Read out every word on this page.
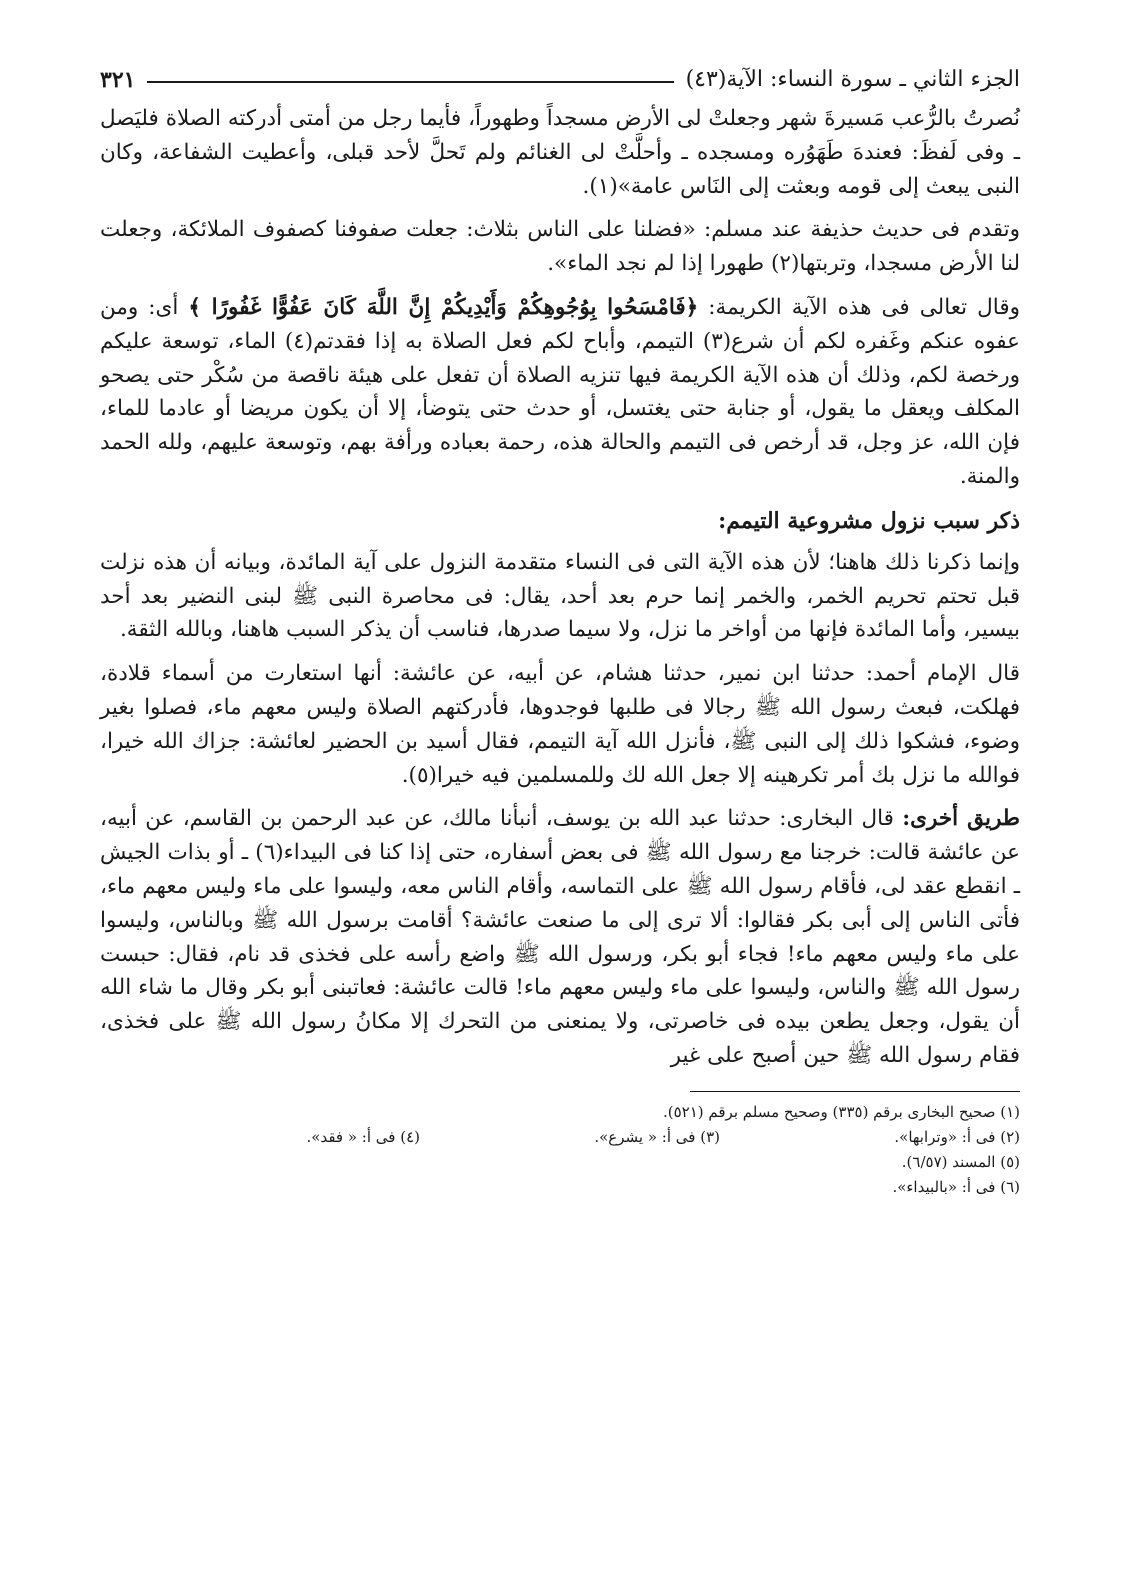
الجزء الثاني ـ سورة النساء: الآية(٤٣)
٣٢١

نُصرتُ بالرُّعب مَسيرةَ شهر وجعلتْ لى الأرض مسجداً وطهوراً، فأيما رجل من أمتى أدركته الصلاة فليَصل ـ وفى لَفظَ: فعندهَ طَهَوُره ومسجده ـ وأحلَّتْ لى الغنائم ولم تَحلَّ لأحد قبلى، وأعطيت الشفاعة، وكان النبى يبعث إلى قومه وبعثت إلى النَاس عامة»(١).

وتقدم فى حديث حذيفة عند مسلم: «فضلنا على الناس بثلاث: جعلت صفوفنا كصفوف الملائكة، وجعلت لنا الأرض مسجدا، وتربتها(٢) طهورا إذا لم نجد الماء».

وقال تعالى فى هذه الآية الكريمة: ﴿فَامْسَحُوا بِوُجُوهِكُمْ وَأَيْدِيكُمْ إِنَّ اللَّهَ كَانَ عَفُوًّا غَفُورًا ﴾ أى: ومن عفوه عنكم وغَفره لكم أن شرع(٣) التيمم، وأباح لكم فعل الصلاة به إذا فقدتم(٤) الماء، توسعة عليكم ورخصة لكم، وذلك أن هذه الآية الكريمة فيها تنزيه الصلاة أن تفعل على هيئة ناقصة من سُكْر حتى يصحو المكلف ويعقل ما يقول، أو جنابة حتى يغتسل، أو حدث حتى يتوضأ، إلا أن يكون مريضا أو عادما للماء، فإن الله، عز وجل، قد أرخص فى التيمم والحالة هذه، رحمة بعباده ورأفة بهم، وتوسعة عليهم، ولله الحمد والمنة.

ذكر سبب نزول مشروعية التيمم:

وإنما ذكرنا ذلك هاهنا؛ لأن هذه الآية التى فى النساء متقدمة النزول على آية المائدة، وبيانه أن هذه نزلت قبل تحتم تحريم الخمر، والخمر إنما حرم بعد أحد، يقال: فى محاصرة النبى ﷺ لبنى النضير بعد أحد بيسير، وأما المائدة فإنها من أواخر ما نزل، ولا سيما صدرها، فناسب أن يذكر السبب هاهنا، وبالله الثقة.

قال الإمام أحمد: حدثنا ابن نمير، حدثنا هشام، عن أبيه، عن عائشة: أنها استعارت من أسماء قلادة، فهلكت، فبعث رسول الله ﷺ رجالا فى طلبها فوجدوها، فأدركتهم الصلاة وليس معهم ماء، فصلوا بغير وضوء، فشكوا ذلك إلى النبى ﷺ، فأنزل الله آية التيمم، فقال أسيد بن الحضير لعائشة: جزاك الله خيرا، فوالله ما نزل بك أمر تكرهينه إلا جعل الله لك وللمسلمين فيه خيرا(٥).

طريق أخرى: قال البخارى: حدثنا عبد الله بن يوسف، أنبأنا مالك، عن عبد الرحمن بن القاسم، عن أبيه، عن عائشة قالت: خرجنا مع رسول الله ﷺ فى بعض أسفاره، حتى إذا كنا فى البيداء(٦) ـ أو بذات الجيش ـ انقطع عقد لى، فأقام رسول الله ﷺ على التماسه، وأقام الناس معه، وليسوا على ماء وليس معهم ماء، فأتى الناس إلى أبى بكر فقالوا: ألا ترى إلى ما صنعت عائشة؟ أقامت برسول الله ﷺ وبالناس، وليسوا على ماء وليس معهم ماء! فجاء أبو بكر، ورسول الله ﷺ واضع رأسه على فخذى قد نام، فقال: حبست رسول الله ﷺ والناس، وليسوا على ماء وليس معهم ماء! قالت عائشة: فعاتبنى أبو بكر وقال ما شاء الله أن يقول، وجعل يطعن بيده فى خاصرتى، ولا يمنعنى من التحرك إلا مكانُ رسول الله ﷺ على فخذى، فقام رسول الله ﷺ حين أصبح على غير

(١) صحيح البخارى برقم (٣٣٥) وصحيح مسلم برقم (٥٢١).
(٢) فى أ: «وترابها».
(٣) فى أ: « يشرع».
(٤) فى أ: « فقد».
(٥) المسند (٦/٥٧).
(٦) فى أ: «بالبيداء».
